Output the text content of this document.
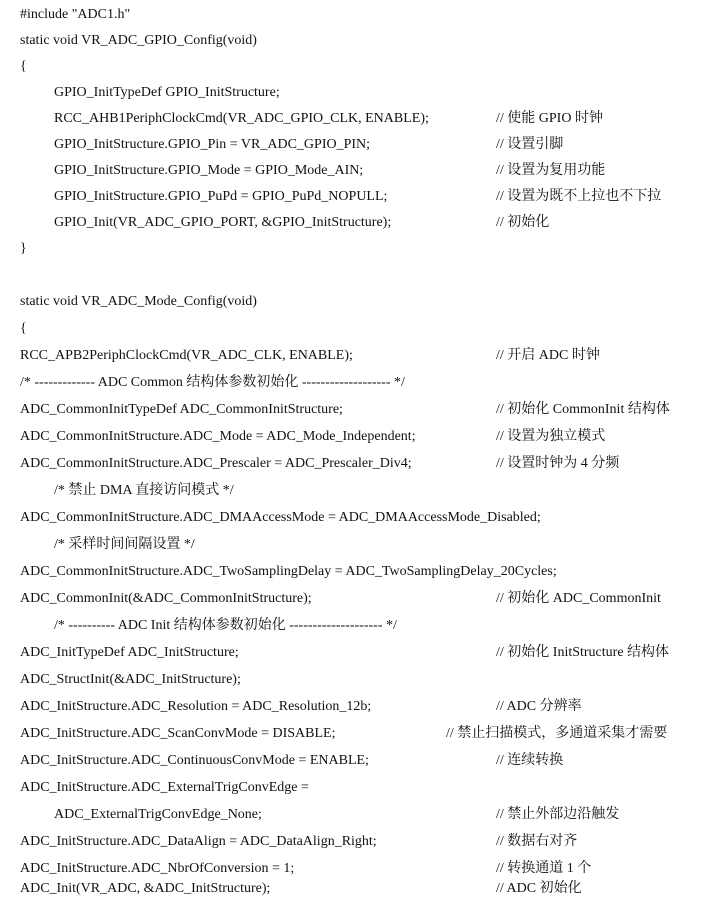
#include "ADC1.h"
static void VR_ADC_GPIO_Config(void)
{
GPIO_InitTypeDef GPIO_InitStructure;
RCC_AHB1PeriphClockCmd(VR_ADC_GPIO_CLK, ENABLE);	// 使能 GPIO 时钟
GPIO_InitStructure.GPIO_Pin = VR_ADC_GPIO_PIN;	// 设置引脚
GPIO_InitStructure.GPIO_Mode = GPIO_Mode_AIN;	// 设置为复用功能
GPIO_InitStructure.GPIO_PuPd = GPIO_PuPd_NOPULL;	// 设置为既不上拉也不下拉
GPIO_Init(VR_ADC_GPIO_PORT, &GPIO_InitStructure);	// 初始化
}
static void VR_ADC_Mode_Config(void)
{
RCC_APB2PeriphClockCmd(VR_ADC_CLK, ENABLE);	// 开启 ADC 时钟
/* ------------- ADC Common 结构体参数初始化 ------------------- */
ADC_CommonInitTypeDef ADC_CommonInitStructure;	// 初始化 CommonInit 结构体
ADC_CommonInitStructure.ADC_Mode = ADC_Mode_Independent;	// 设置为独立模式
ADC_CommonInitStructure.ADC_Prescaler = ADC_Prescaler_Div4;	// 设置时钟为 4 分频
/* 禁止 DMA 直接访问模式 */
ADC_CommonInitStructure.ADC_DMAAccessMode = ADC_DMAAccessMode_Disabled;
/* 采样时间间隔设置 */
ADC_CommonInitStructure.ADC_TwoSamplingDelay = ADC_TwoSamplingDelay_20Cycles;
ADC_CommonInit(&ADC_CommonInitStructure);	// 初始化 ADC_CommonInit
/* ---------- ADC Init 结构体参数初始化 -------------------- */
ADC_InitTypeDef ADC_InitStructure;	// 初始化 InitStructure 结构体
ADC_StructInit(&ADC_InitStructure);
ADC_InitStructure.ADC_Resolution = ADC_Resolution_12b;	// ADC 分辨率
ADC_InitStructure.ADC_ScanConvMode = DISABLE;	// 禁止扫描模式，多通道采集才需要
ADC_InitStructure.ADC_ContinuousConvMode = ENABLE;	// 连续转换
ADC_InitStructure.ADC_ExternalTrigConvEdge =
ADC_ExternalTrigConvEdge_None;	// 禁止外部边沿触发
ADC_InitStructure.ADC_DataAlign = ADC_DataAlign_Right;	// 数据右对齐
ADC_InitStructure.ADC_NbrOfConversion = 1;	// 转换通道 1 个
ADC_Init(VR_ADC, &ADC_InitStructure);	// ADC 初始化
